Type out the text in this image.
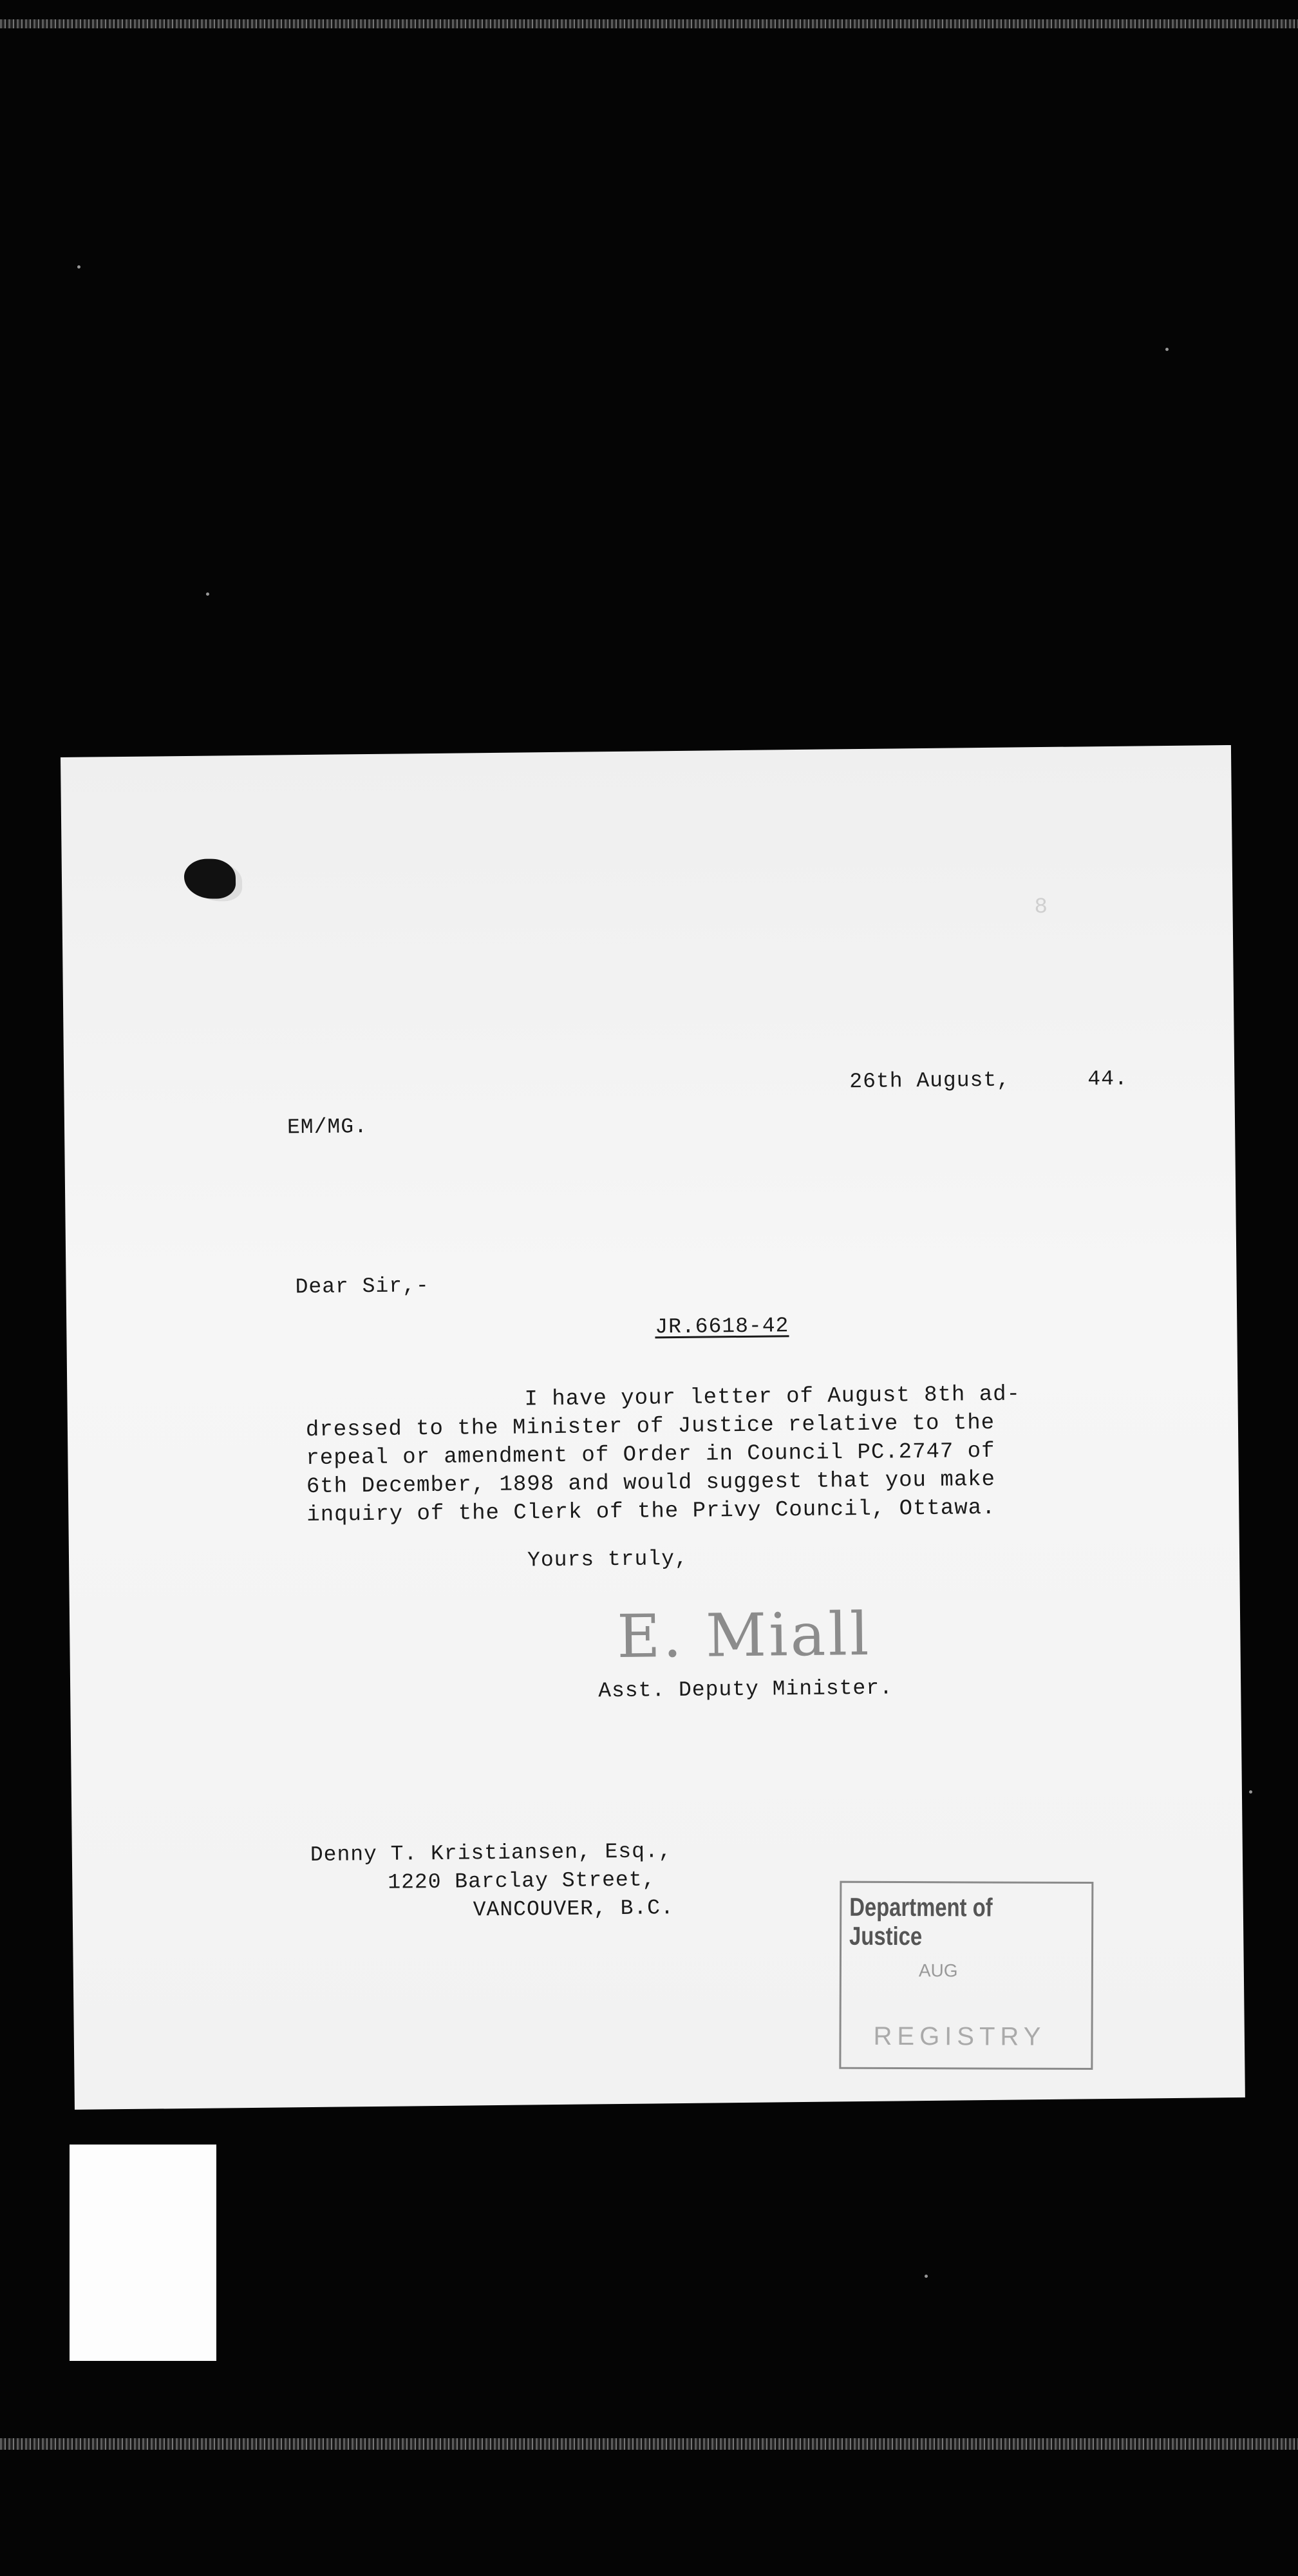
8
26th August,	44.
EM/MG.
Dear Sir,-
JR.6618-42
I have your letter of August 8th ad-
dressed to the Minister of Justice relative to the
repeal or amendment of Order in Council PC.2747 of
6th December, 1898 and would suggest that you make
inquiry of the Clerk of the Privy Council, Ottawa.
Yours truly,
E. Miall
Asst. Deputy Minister.
Denny T. Kristiansen, Esq.,
1220 Barclay Street,
VANCOUVER, B.C.	Department of Justice
AUG
REGISTRY
